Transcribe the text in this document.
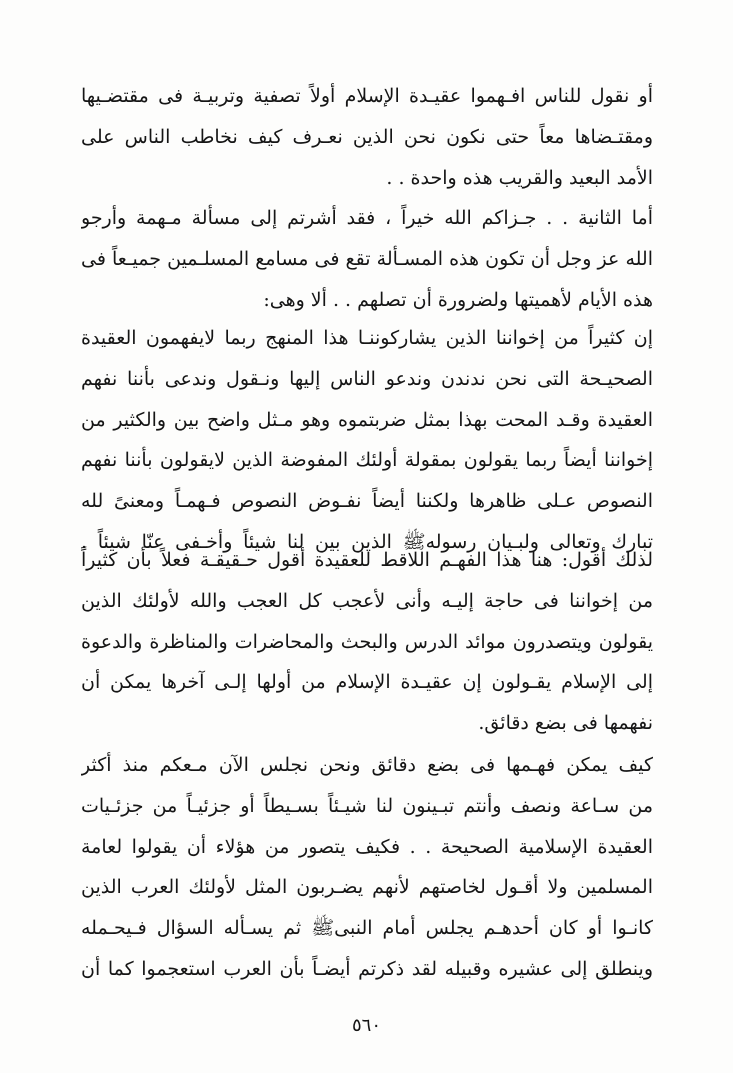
أو نقول للناس افـهموا عقيـدة الإسلام أولاً تصفية وتربيـة فى مقتضـيها
ومقتـضاها معاً حتى نكون نحن الذين نعـرف كيف نخاطب الناس على
الأمد البعيد والقريب هذه واحدة . .
أما الثانية . . جـزاكم الله خيراً ، فقد أشرتم إلى مسألة مـهمة وأرجو
الله عز وجل أن تكون هذه المسـألة تقع فى مسامع المسلـمين جميـعاً فى
هذه الأيام لأهميتها ولضرورة أن تصلهم . . ألا وهى:
إن كثيراً من إخواننا الذين يشاركوننـا هذا المنهج ربما لايفهمون العقيدة
الصحيـحة التى نحن ندندن وندعو الناس إليها ونـقول وندعى بأننا نفهم
العقيدة وقـد المحت بهذا بمثل ضربتموه وهو مـثل واضح بين والكثير من
إخواننا أيضاً ربما يقولون بمقولة أولئك المفوضة الذين لايقولون بأننا نفهم
النصوص عـلى ظاهرها ولكننا أيضاً نفـوض النصوص فـهمـاً ومعنىً لله
تبارك وتعالى ولبـيان رسولهﷺ الذين بين لنا شيئاً وأخـفى عنّا شيئاً .
لذلك أقول: هنا هذا الفهـم اللاقط للعقيدة أقول حـقيقـة فعلاً بأن كثيراً
من إخواننا فى حاجة إليـه وأنى لأعجب كل العجب والله لأولئك الذين
يقولون ويتصدرون موائد الدرس والبحث والمحاضرات والمناظرة والدعوة
إلى الإسلام يقـولون إن عقيـدة الإسلام من أولها إلـى آخرها يمكن أن
نفهمها فى بضع دقائق.
كيف يمكن فهـمها فى بضع دقائق ونحن نجلس الآن مـعكم منذ أكثر
من سـاعة ونصف وأنتم تبـينون لنا شيـئاً بسـيطاً أو جزئيـاً من جزئـيات
العقيدة الإسلامية الصحيحة . . فكيف يتصور من هؤلاء أن يقولوا لعامة
المسلمين ولا أقـول لخاصتهم لأنهم يضـربون المثل لأولئك العرب الذين
كانـوا أو كان أحدهـم يجلس أمام النبىﷺ ثم يسـأله السؤال فـيحـمله
وينطلق إلى عشيره وقبيله لقد ذكرتم أيضـاً بأن العرب استعجموا كما أن
٥٦٠
